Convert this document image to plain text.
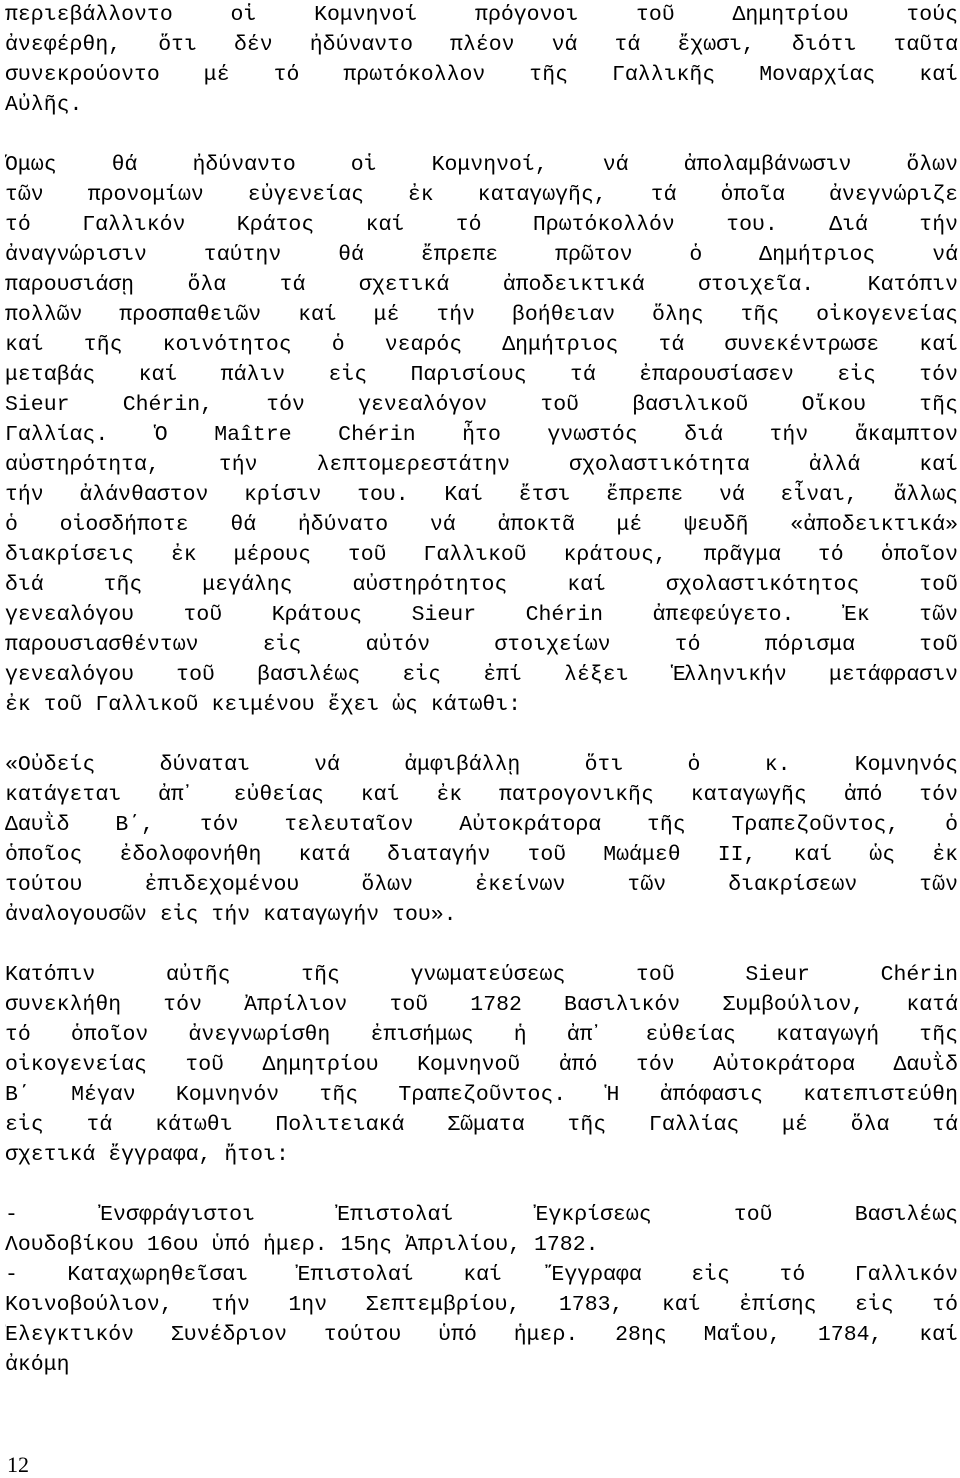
περιεβάλλοντο οἱ Κομνηνοί πρόγονοι τοῦ Δημητρίου τούς
ἀνεφέρθη, ὅτι δέν ἠδύναντο πλέον νά τά ἔχωσι, διότι ταῦτα
συνεκρούοντο μέ τό πρωτόκολλον τῆς Γαλλικῆς Μοναρχίας καί
Αὐλῆς.
Ὅμως θά ἠδύναντο οἱ Κομνηνοί, νά ἀπολαμβάνωσιν ὅλων
τῶν προνομίων εὐγενείας ἐκ καταγωγῆς, τά ὁποῖα ἀνεγνώριζε
τό Γαλλικόν Κράτος καί τό Πρωτόκολλόν του. Διά τήν
ἀναγνώρισιν ταύτην θά ἔπρεπε πρῶτον ὁ Δημήτριος νά
παρουσιάσῃ ὅλα τά σχετικά ἀποδεικτικά στοιχεῖα. Κατόπιν
πολλῶν προσπαθειῶν καί μέ τήν βοήθειαν ὅλης τῆς οἰκογενείας
καί τῆς κοινότητος ὁ νεαρός Δημήτριος τά συνεκέντρωσε καί
μεταβάς καί πάλιν εἰς Παρισίους τά ἐπαρουσίασεν εἰς τόν
Sieur Chérin, τόν γενεαλόγον τοῦ βασιλικοῦ Οἴκου τῆς
Γαλλίας. Ὁ Maître Chérin ἦτο γνωστός διά τήν ἄκαμπτον
αὐστηρότητα, τήν λεπτομερεστάτην σχολαστικότητα ἀλλά καί
τήν ἀλάνθαστον κρίσιν του. Καί ἔτσι ἔπρεπε νά εἶναι, ἄλλως
ὁ οἱοσδήποτε θά ἠδύνατο νά ἀποκτᾶ μέ ψευδῆ «ἀποδεικτικά»
διακρίσεις ἐκ μέρους τοῦ Γαλλικοῦ κράτους, πρᾶγμα τό ὁποῖον
διά τῆς μεγάλης αὐστηρότητος καί σχολαστικότητος τοῦ
γενεαλόγου τοῦ Κράτους Sieur Chérin ἀπεφεύγετο. Ἐκ τῶν
παρουσιασθέντων εἰς αὐτόν στοιχείων τό πόρισμα τοῦ
γενεαλόγου τοῦ βασιλέως εἰς ἐπί λέξει Ἑλληνικήν μετάφρασιν
ἐκ τοῦ Γαλλικοῦ κειμένου ἔχει ὡς κάτωθι:
«Οὐδείς δύναται νά ἀμφιβάλλῃ ὅτι ὁ κ. Κομνηνός
κατάγεται ἀπ᾽ εὐθείας καί ἐκ πατρογονικῆς καταγωγῆς ἀπό τόν
Δαυῒδ Β΄, τόν τελευταῖον Αὐτοκράτορα τῆς Τραπεζοῦντος, ὁ
ὁποῖος ἐδολοφονήθη κατά διαταγήν τοῦ Μωάμεθ ΙΙ, καί ὡς ἐκ
τούτου ἐπιδεχομένου ὅλων ἐκείνων τῶν διακρίσεων τῶν
ἀναλογουσῶν εἰς τήν καταγωγήν του».
Κατόπιν αὐτῆς τῆς γνωματεύσεως τοῦ Sieur Chérin
συνεκλήθη τόν Ἀπρίλιον τοῦ 1782 Βασιλικόν Συμβούλιον, κατά
τό ὁποῖον ἀνεγνωρίσθη ἐπισήμως ἡ ἀπ᾽ εὐθείας καταγωγή τῆς
οἰκογενείας τοῦ Δημητρίου Κομνηνοῦ ἀπό τόν Αὐτοκράτορα Δαυῒδ
Β΄ Μέγαν Κομνηνόν τῆς Τραπεζοῦντος. Ἡ ἀπόφασις κατεπιστεύθη
εἰς τά κάτωθι Πολιτειακά Σῶματα τῆς Γαλλίας μέ ὅλα τά
σχετικά ἔγγραφα, ἤτοι:
- Ἐνσφράγιστοι Ἐπιστολαί Ἐγκρίσεως τοῦ Βασιλέως
Λουδοβίκου 16ου ὑπό ἡμερ. 15ης Ἀπριλίου, 1782.
- Καταχωρηθεῖσαι Ἐπιστολαί καί Ἔγγραφα εἰς τό Γαλλικόν
Κοινοβούλιον, τήν 1ην Σεπτεμβρίου, 1783, καί ἐπίσης εἰς τό
Ἐλεγκτικόν Συνέδριον τούτου ὑπό ἡμερ. 28ης Μαΐου, 1784, καί
ἀκόμη
12
